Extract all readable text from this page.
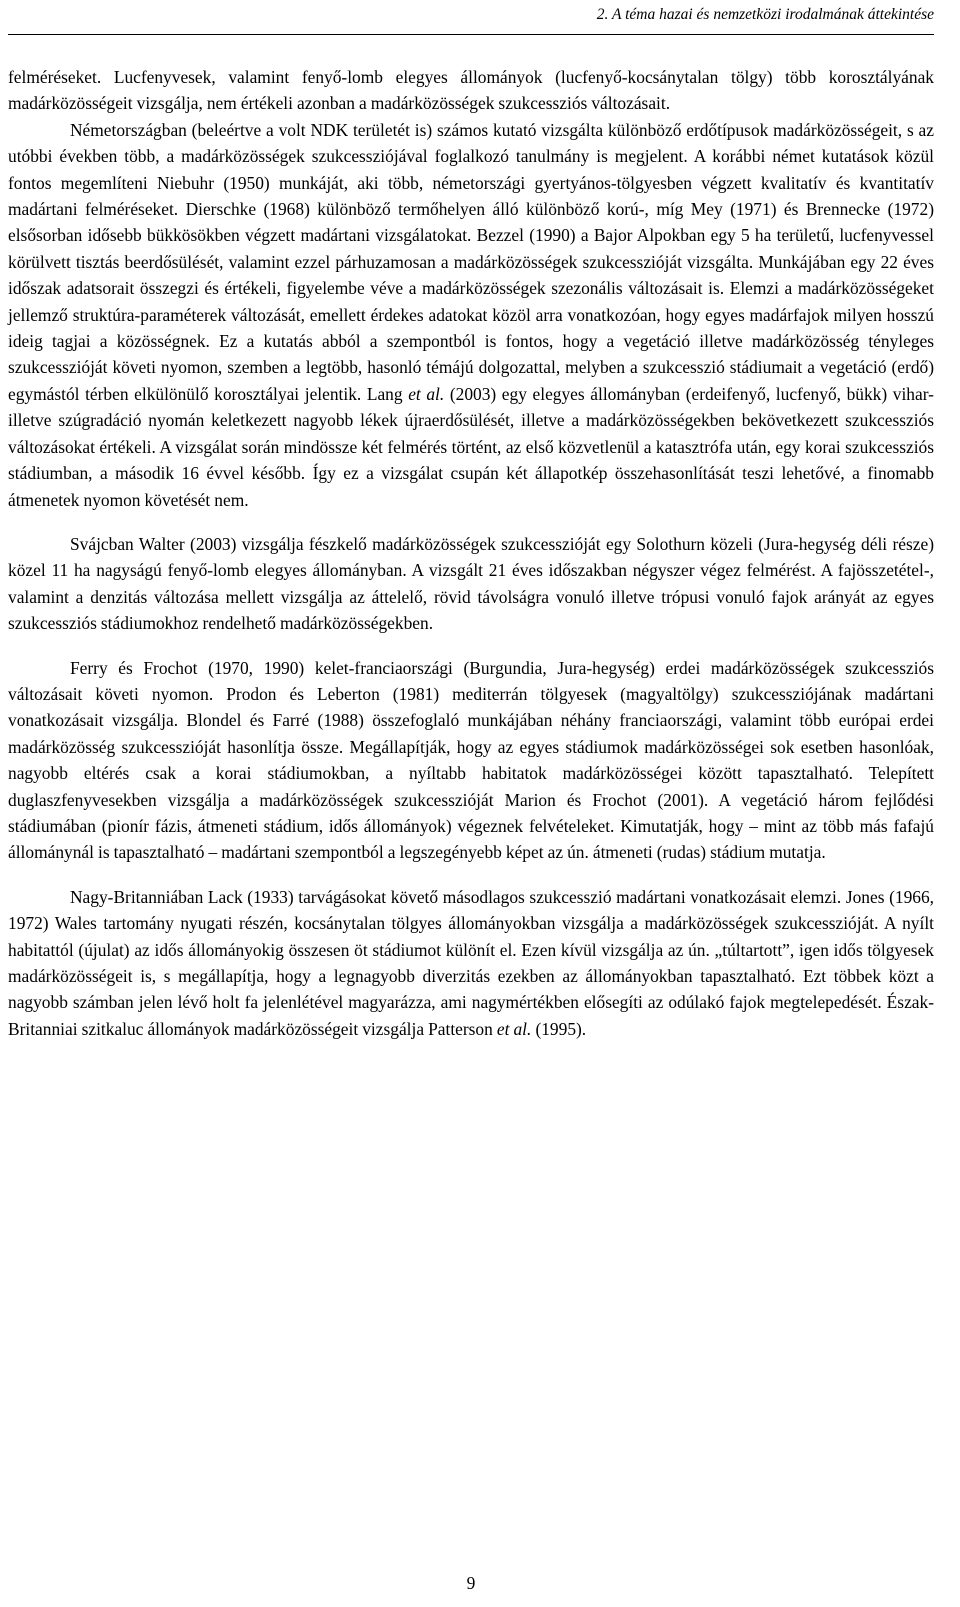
2. A téma hazai és nemzetközi irodalmának áttekintése

felméréseket. Lucfenyvesek, valamint fenyő-lomb elegyes állományok (lucfenyő-kocsánytalan tölgy) több korosztályának madárközösségeit vizsgálja, nem értékeli azonban a madárközösségek szukcessziós változásait.

Németországban (beleértve a volt NDK területét is) számos kutató vizsgálta különböző erdőtípusok madárközösségeit, s az utóbbi években több, a madárközösségek szukcessziójával foglalkozó tanulmány is megjelent. A korábbi német kutatások közül fontos megemlíteni Niebuhr (1950) munkáját, aki több, németországi gyertyános-tölgyesben végzett kvalitatív és kvantitatív madártani felméréseket. Dierschke (1968) különböző termőhelyen álló különböző korú-, míg Mey (1971) és Brennecke (1972) elsősorban idősebb bükkösökben végzett madártani vizsgálatokat. Bezzel (1990) a Bajor Alpokban egy 5 ha területű, lucfenyvessel körülvett tisztás beerdősülését, valamint ezzel párhuzamosan a madárközösségek szukcesszióját vizsgálta. Munkájában egy 22 éves időszak adatsorait összegzi és értékeli, figyelembe véve a madárközösségek szezonális változásait is. Elemzi a madárközösségeket jellemző struktúra-paraméterek változását, emellett érdekes adatokat közöl arra vonatkozóan, hogy egyes madárfajok milyen hosszú ideig tagjai a közösségnek. Ez a kutatás abból a szempontból is fontos, hogy a vegetáció illetve madárközösség tényleges szukcesszióját követi nyomon, szemben a legtöbb, hasonló témájú dolgozattal, melyben a szukcesszió stádiumait a vegetáció (erdő) egymástól térben elkülönülő korosztályai jelentik. Lang et al. (2003) egy elegyes állományban (erdeifenyő, lucfenyő, bükk) vihar- illetve szúgradáció nyomán keletkezett nagyobb lékek újraerdősülését, illetve a madárközösségekben bekövetkezett szukcessziós változásokat értékeli. A vizsgálat során mindössze két felmérés történt, az első közvetlenül a katasztrófa után, egy korai szukcessziós stádiumban, a második 16 évvel később. Így ez a vizsgálat csupán két állapotkép összehasonlítását teszi lehetővé, a finomabb átmenetek nyomon követését nem.

Svájcban Walter (2003) vizsgálja fészkelő madárközösségek szukcesszióját egy Solothurn közeli (Jura-hegység déli része) közel 11 ha nagyságú fenyő-lomb elegyes állományban. A vizsgált 21 éves időszakban négyszer végez felmérést. A fajösszetétel-, valamint a denzitás változása mellett vizsgálja az áttelelő, rövid távolságra vonuló illetve trópusi vonuló fajok arányát az egyes szukcessziós stádiumokhoz rendelhető madárközösségekben.

Ferry és Frochot (1970, 1990) kelet-franciaországi (Burgundia, Jura-hegység) erdei madárközösségek szukcessziós változásait követi nyomon. Prodon és Leberton (1981) mediterrán tölgyesek (magyaltölgy) szukcessziójának madártani vonatkozásait vizsgálja. Blondel és Farré (1988) összefoglaló munkájában néhány franciaországi, valamint több európai erdei madárközösség szukcesszióját hasonlítja össze. Megállapítják, hogy az egyes stádiumok madárközösségei sok esetben hasonlóak, nagyobb eltérés csak a korai stádiumokban, a nyíltabb habitatok madárközösségei között tapasztalható. Telepített duglaszfenyvesekben vizsgálja a madárközösségek szukcesszióját Marion és Frochot (2001). A vegetáció három fejlődési stádiumában (pionír fázis, átmeneti stádium, idős állományok) végeznek felvételeket. Kimutatják, hogy – mint az több más fafajú állománynál is tapasztalható – madártani szempontból a legszegényebb képet az ún. átmeneti (rudas) stádium mutatja.

Nagy-Britanniában Lack (1933) tarvágásokat követő másodlagos szukcesszió madártani vonatkozásait elemzi. Jones (1966, 1972) Wales tartomány nyugati részén, kocsánytalan tölgyes állományokban vizsgálja a madárközösségek szukcesszióját. A nyílt habitattól (újulat) az idős állományokig összesen öt stádiumot különít el. Ezen kívül vizsgálja az ún. „túltartott”, igen idős tölgyesek madárközösségeit is, s megállapítja, hogy a legnagyobb diverzitás ezekben az állományokban tapasztalható. Ezt többek közt a nagyobb számban jelen lévő holt fa jelenlétével magyarázza, ami nagymértékben elősegíti az odúlakó fajok megtelepedését. Észak-Britanniai szitkaluc állományok madárközösségeit vizsgálja Patterson et al. (1995).

9
